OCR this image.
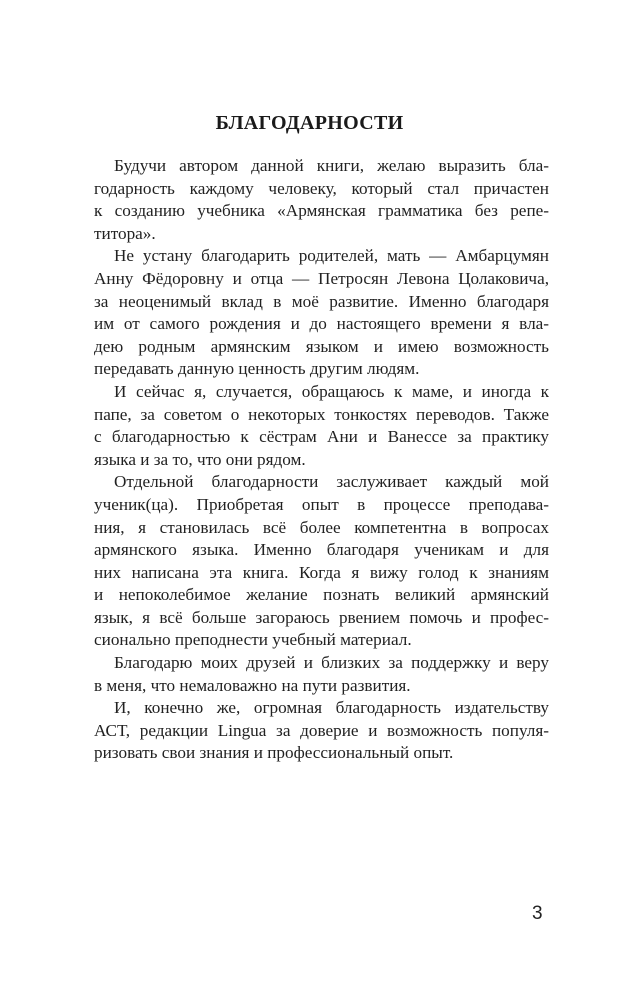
БЛАГОДАРНОСТИ
Будучи автором данной книги, желаю выразить бла-
годарность каждому человеку, который стал причастен
к созданию учебника «Армянская грамматика без репе-
титора».
Не устану благодарить родителей, мать — Амбарцумян
Анну Фёдоровну и отца — Петросян Левона Цолаковича,
за неоценимый вклад в моё развитие. Именно благодаря
им от самого рождения и до настоящего времени я вла-
дею родным армянским языком и имею возможность
передавать данную ценность другим людям.
И сейчас я, случается, обращаюсь к маме, и иногда к
папе, за советом о некоторых тонкостях переводов. Также
с благодарностью к сёстрам Ани и Ванессе за практику
языка и за то, что они рядом.
Отдельной благодарности заслуживает каждый мой
ученик(ца). Приобретая опыт в процессе преподава-
ния, я становилась всё более компетентна в вопросах
армянского языка. Именно благодаря ученикам и для
них написана эта книга. Когда я вижу голод к знаниям
и непоколебимое желание познать великий армянский
язык, я всё больше загораюсь рвением помочь и профес-
сионально преподнести учебный материал.
Благодарю моих друзей и близких за поддержку и веру
в меня, что немаловажно на пути развития.
И, конечно же, огромная благодарность издательству
АСТ, редакции Lingua за доверие и возможность популя-
ризовать свои знания и профессиональный опыт.
3
